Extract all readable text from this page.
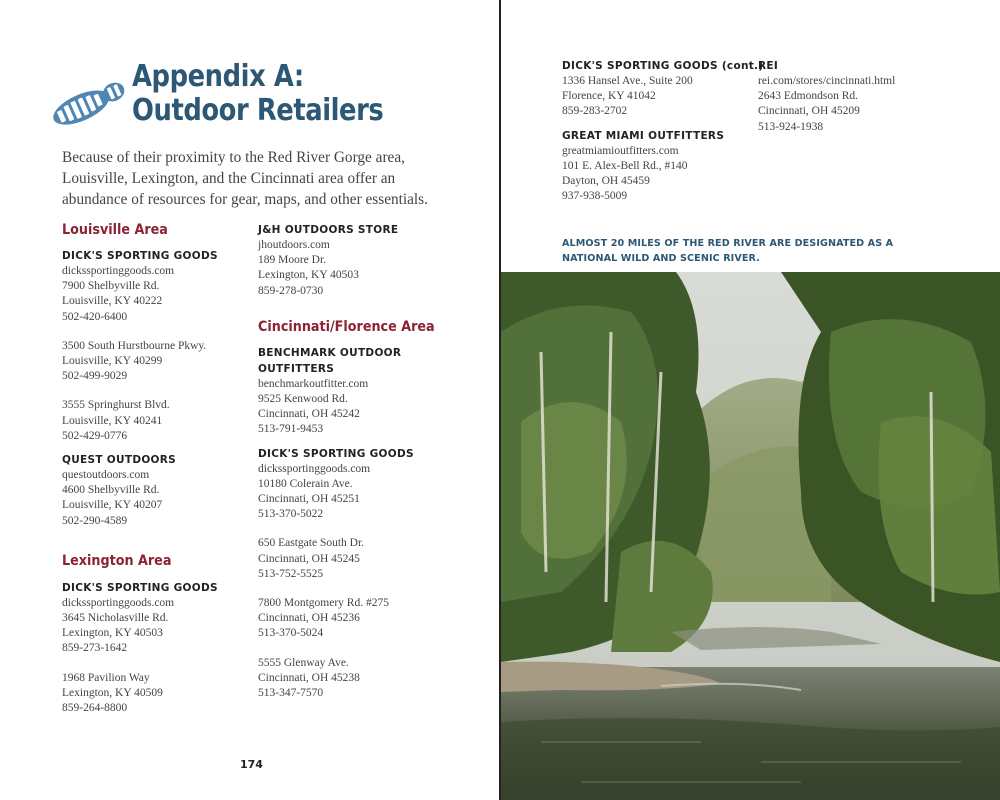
Appendix A:
Outdoor Retailers

Because of their proximity to the Red River Gorge area, Louisville, Lexington, and the Cincinnati area offer an abundance of resources for gear, maps, and other essentials.

Louisville Area

DICK'S SPORTING GOODS

dickssportinggoods.com

7900 Shelbyville Rd.

Louisville, KY 40222

502-420-6400

3500 South Hurstbourne Pkwy.

Louisville, KY 40299

502-499-9029

3555 Springhurst Blvd.

Louisville, KY 40241

502-429-0776

QUEST OUTDOORS

questoutdoors.com

4600 Shelbyville Rd.

Louisville, KY 40207

502-290-4589

Lexington Area

DICK'S SPORTING GOODS

dickssportinggoods.com

3645 Nicholasville Rd.

Lexington, KY 40503

859-273-1642

1968 Pavilion Way

Lexington, KY 40509

859-264-8800

J&H OUTDOORS STORE

jhoutdoors.com

189 Moore Dr.

Lexington, KY 40503

859-278-0730

Cincinnati/Florence Area

BENCHMARK OUTDOOR

OUTFITTERS

benchmarkoutfitter.com

9525 Kenwood Rd.

Cincinnati, OH 45242

513-791-9453

DICK'S SPORTING GOODS

dickssportinggoods.com

10180 Colerain Ave.

Cincinnati, OH 45251

513-370-5022

650 Eastgate South Dr.

Cincinnati, OH 45245

513-752-5525

7800 Montgomery Rd. #275

Cincinnati, OH 45236

513-370-5024

5555 Glenway Ave.

Cincinnati, OH 45238

513-347-7570

174

DICK'S SPORTING GOODS (cont.)

1336 Hansel Ave., Suite 200

Florence, KY 41042

859-283-2702

GREAT MIAMI OUTFITTERS

greatmiamioutfitters.com

101 E. Alex-Bell Rd., #140

Dayton, OH 45459

937-938-5009

REI

rei.com/stores/cincinnati.html

2643 Edmondson Rd.

Cincinnati, OH 45209

513-924-1938

ALMOST 20 MILES OF THE RED RIVER ARE DESIGNATED AS A NATIONAL WILD AND SCENIC RIVER.
